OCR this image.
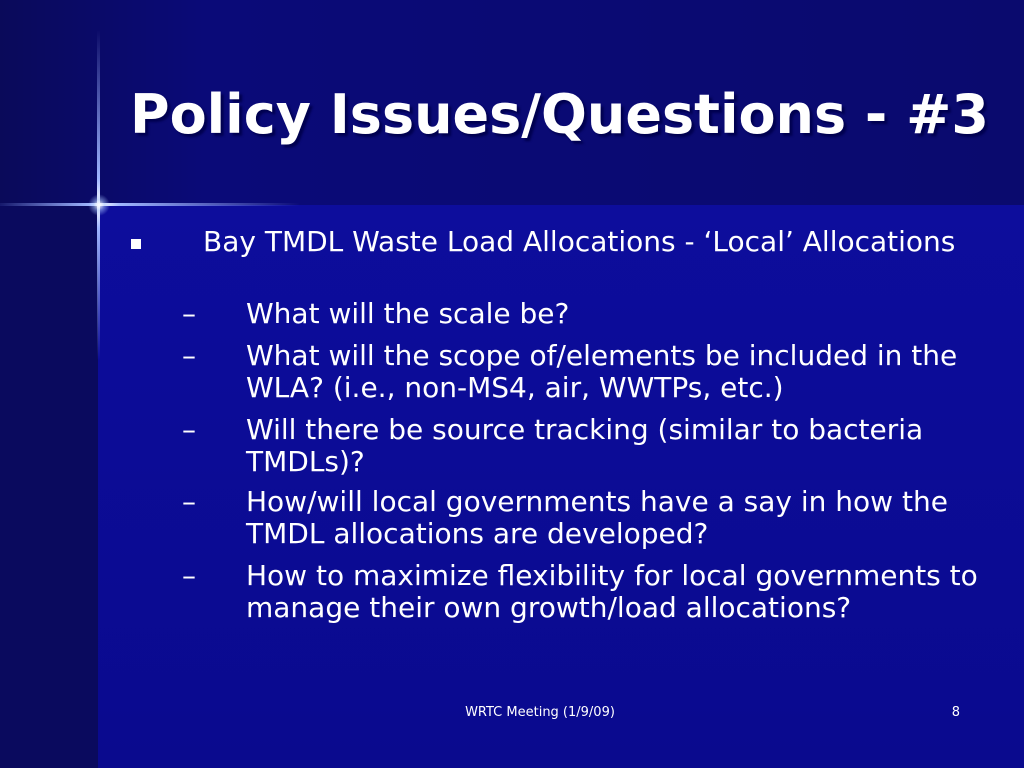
Policy Issues/Questions - #3
Bay TMDL Waste Load Allocations - ‘Local’ Allocations
– What will the scale be?
– What will the scope of/elements be included in the WLA? (i.e., non-MS4, air, WWTPs, etc.)
– Will there be source tracking (similar to bacteria TMDLs)?
– How/will local governments have a say in how the TMDL allocations are developed?
– How to maximize flexibility for local governments to manage their own growth/load allocations?
WRTC Meeting (1/9/09)	8
